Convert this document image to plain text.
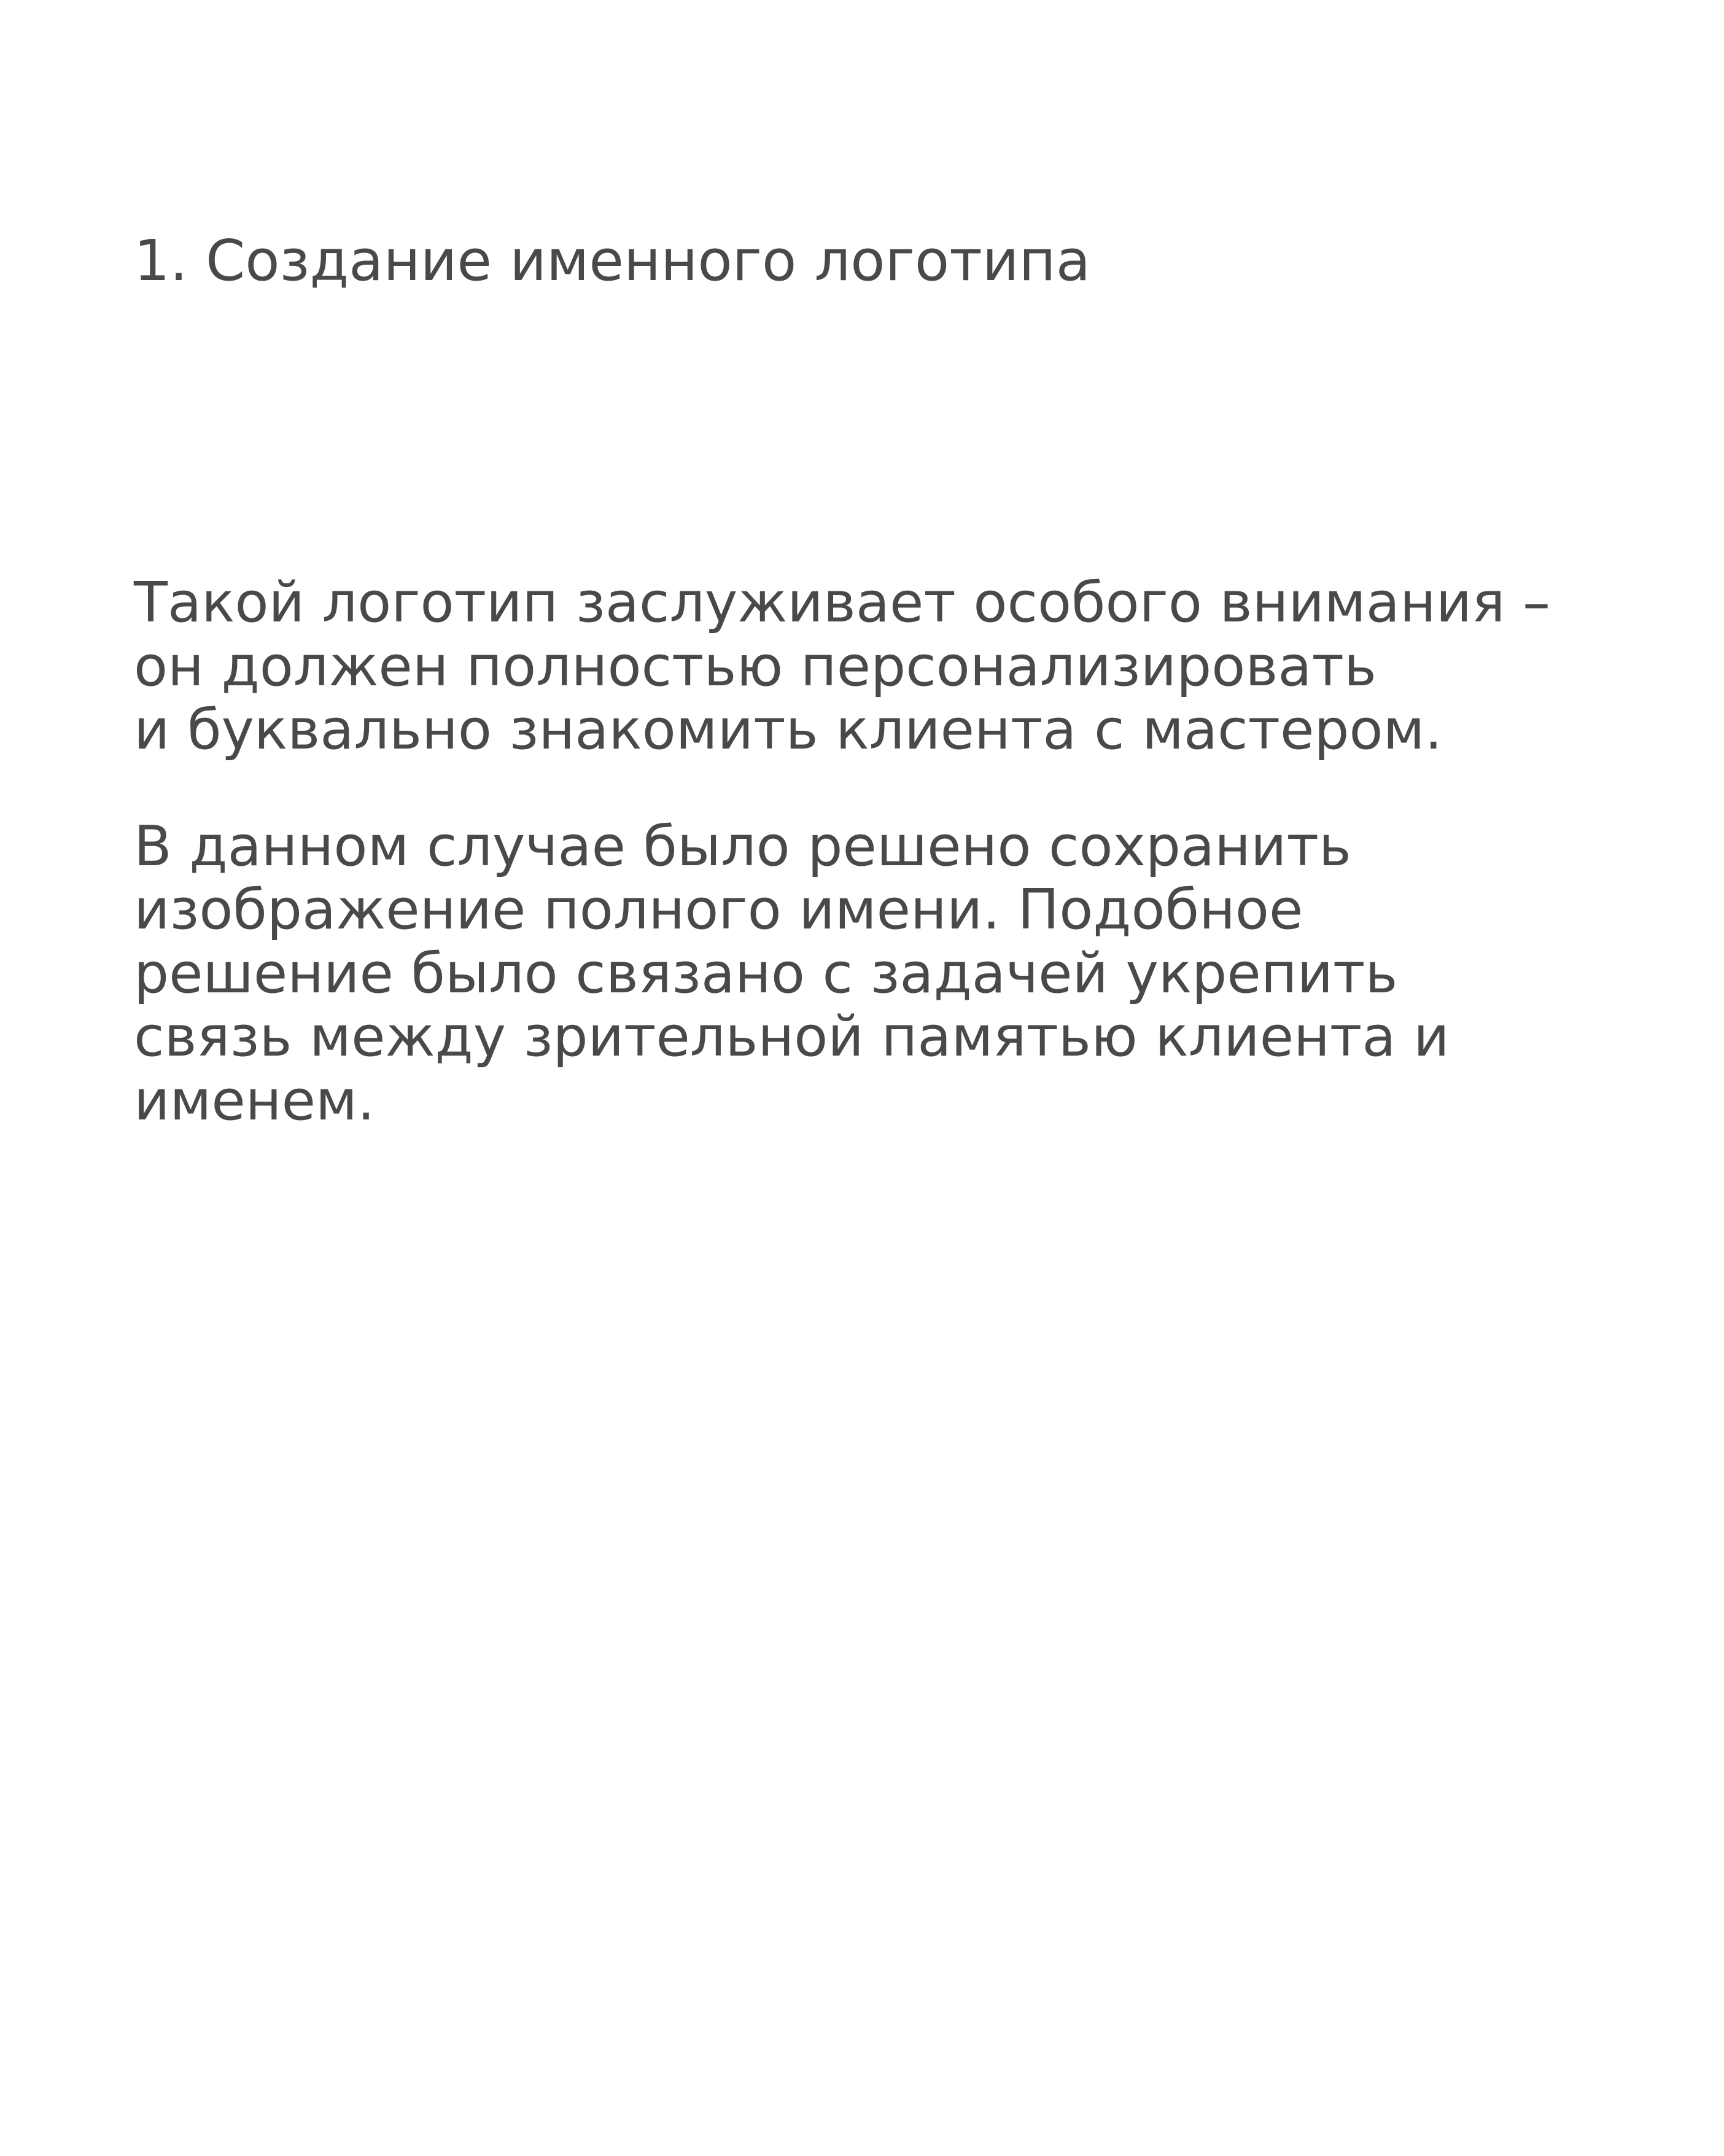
1. Создание именного логотипа

Такой логотип заслуживает особого внимания –
он должен полностью персонализировать
и буквально знакомить клиента с мастером.

В данном случае было решено сохранить
изображение полного имени. Подобное
решение было связано с задачей укрепить
связь между зрительной памятью клиента и
именем.
